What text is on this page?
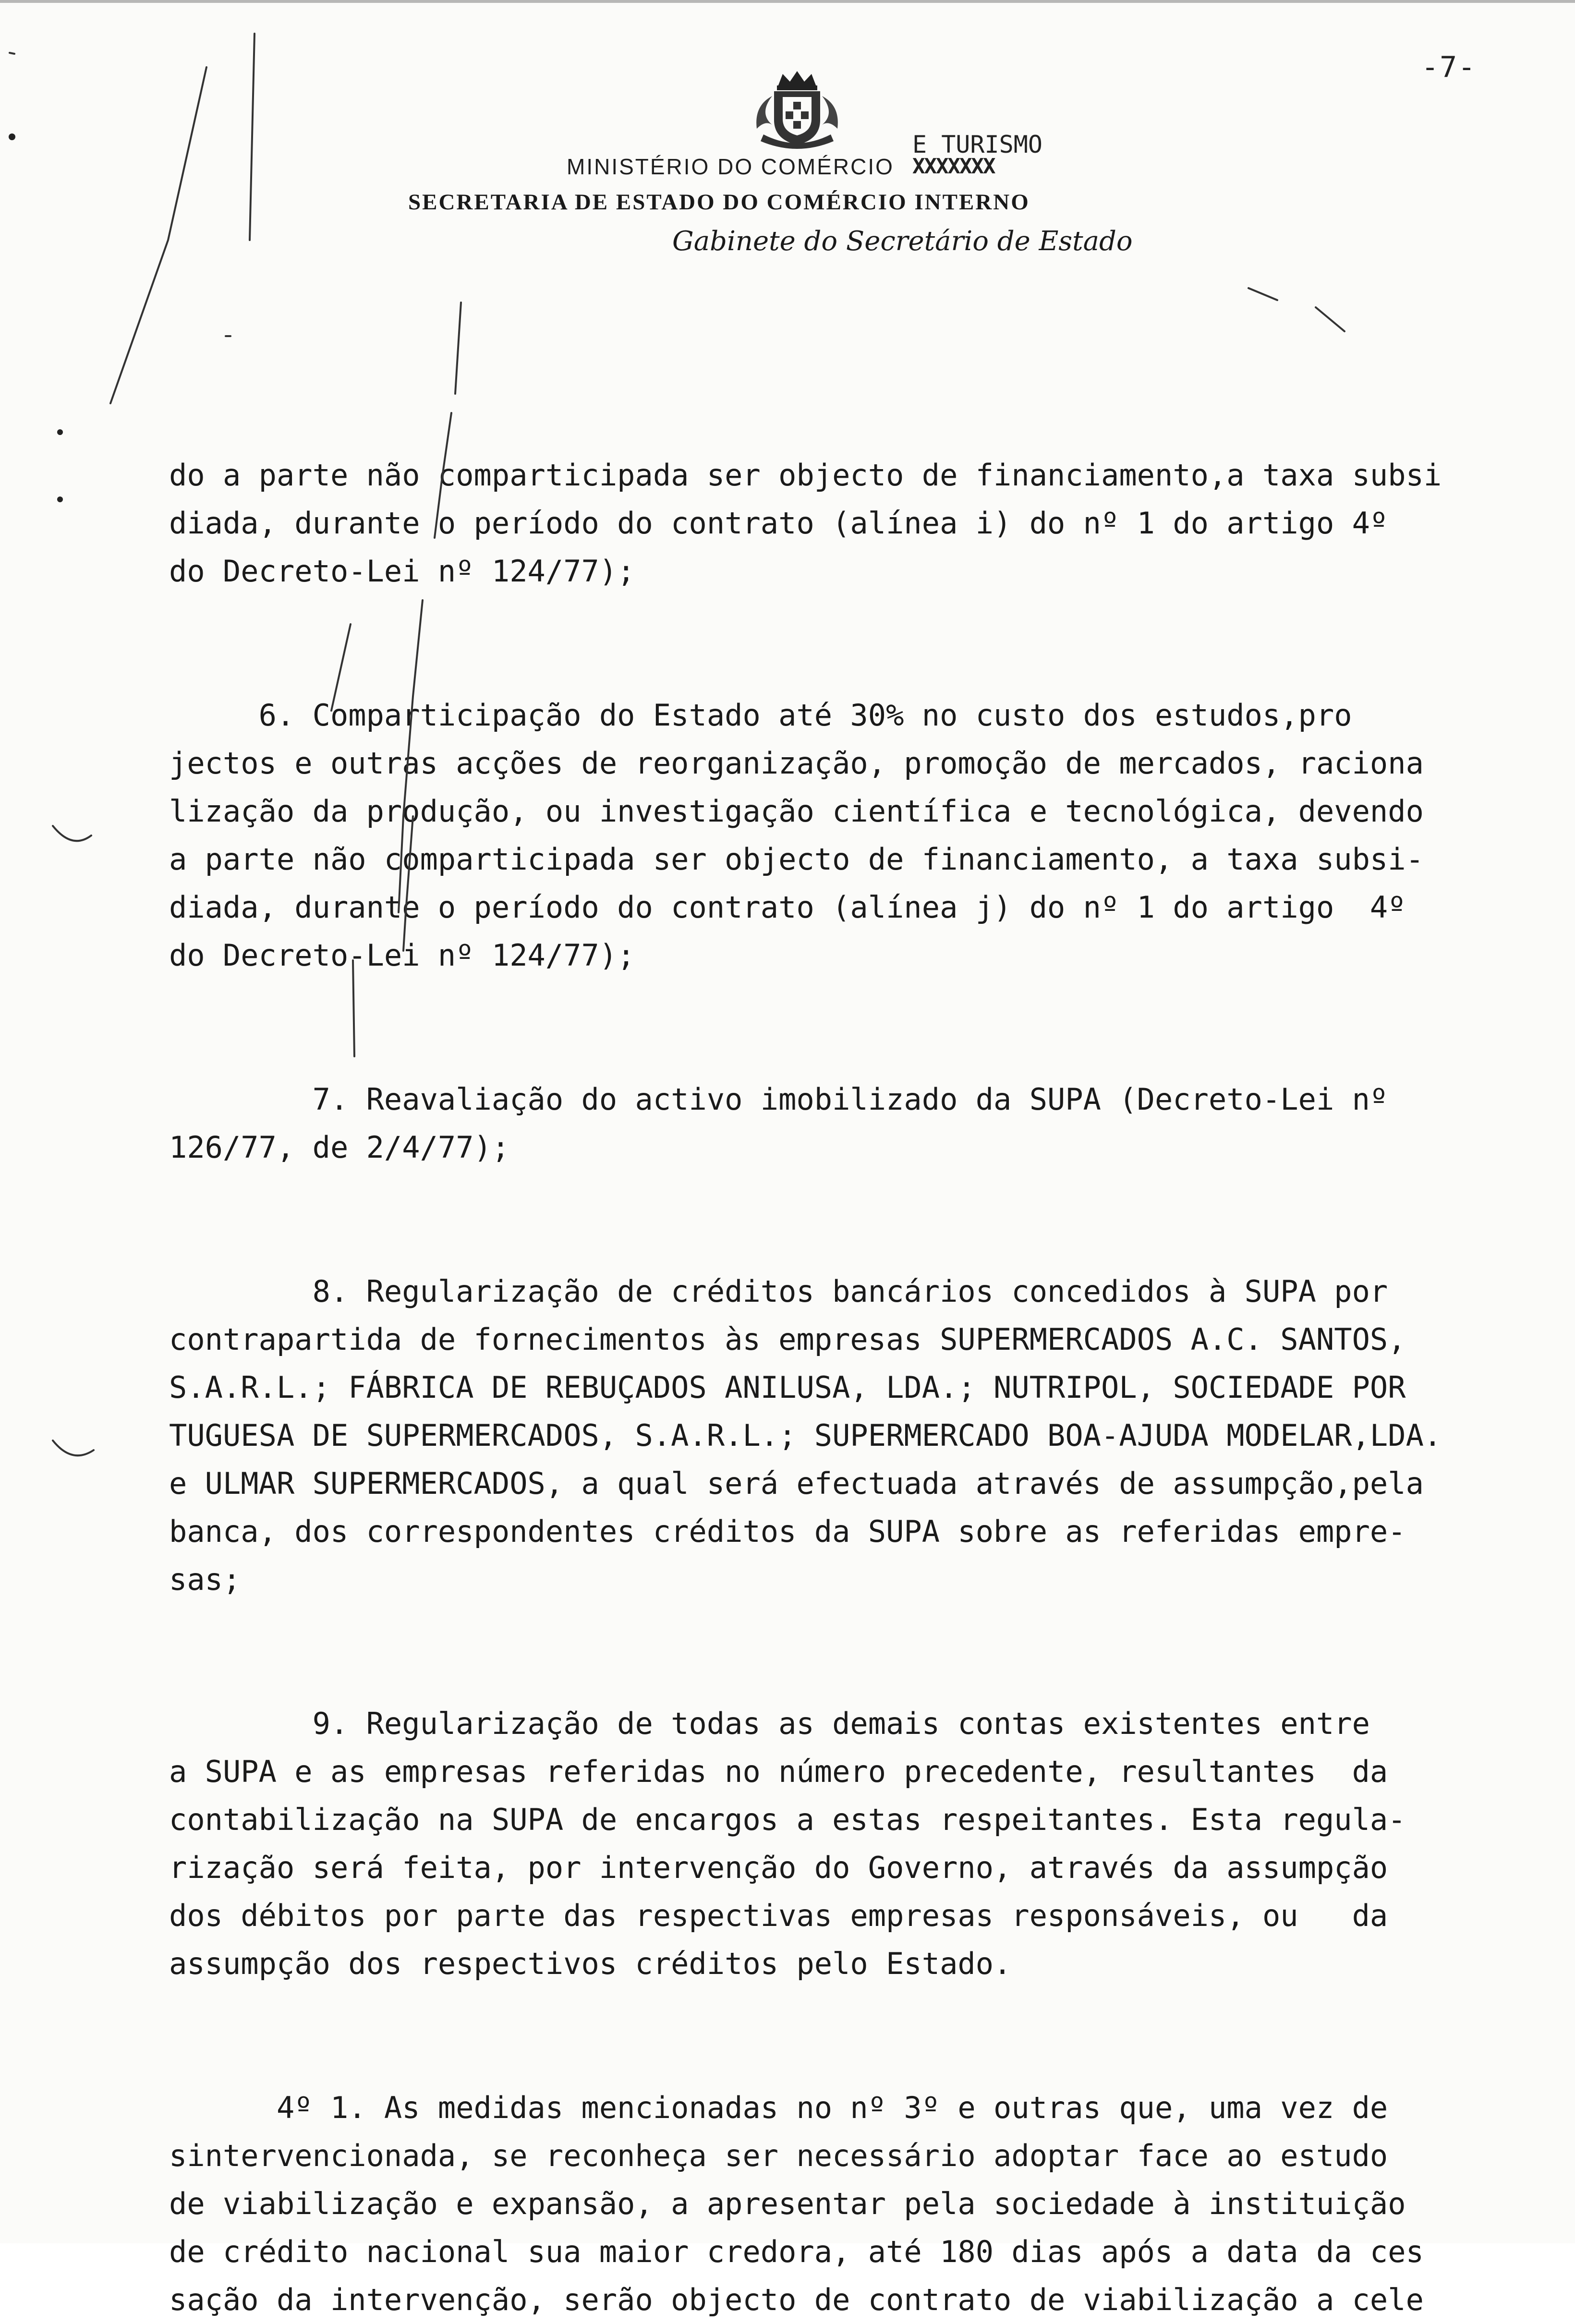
-7-
MINISTÉRIO DO COMÉRCIO
E TURISMO
XXXXXXX
SECRETARIA DE ESTADO DO COMÉRCIO INTERNO
Gabinete do Secretário de Estado
do a parte não comparticipada ser objecto de financiamento,a taxa subsi
diada, durante o período do contrato (alínea i) do nº 1 do artigo 4º
do Decreto-Lei nº 124/77);
6. Comparticipação do Estado até 30% no custo dos estudos,pro
jectos e outras acções de reorganização, promoção de mercados, raciona
lização da produção, ou investigação científica e tecnológica, devendo
a parte não comparticipada ser objecto de financiamento, a taxa subsi-
diada, durante o período do contrato (alínea j) do nº 1 do artigo  4º
do Decreto-Lei nº 124/77);
7. Reavaliação do activo imobilizado da SUPA (Decreto-Lei nº
126/77, de 2/4/77);
8. Regularização de créditos bancários concedidos à SUPA por
contrapartida de fornecimentos às empresas SUPERMERCADOS A.C. SANTOS,
S.A.R.L.; FÁBRICA DE REBUÇADOS ANILUSA, LDA.; NUTRIPOL, SOCIEDADE POR
TUGUESA DE SUPERMERCADOS, S.A.R.L.; SUPERMERCADO BOA-AJUDA MODELAR,LDA.
e ULMAR SUPERMERCADOS, a qual será efectuada através de assumpção,pela
banca, dos correspondentes créditos da SUPA sobre as referidas empre-
sas;
9. Regularização de todas as demais contas existentes entre
a SUPA e as empresas referidas no número precedente, resultantes  da
contabilização na SUPA de encargos a estas respeitantes. Esta regula-
rização será feita, por intervenção do Governo, através da assumpção
dos débitos por parte das respectivas empresas responsáveis, ou   da
assumpção dos respectivos créditos pelo Estado.
4º 1. As medidas mencionadas no nº 3º e outras que, uma vez de
sintervencionada, se reconheça ser necessário adoptar face ao estudo
de viabilização e expansão, a apresentar pela sociedade à instituição
de crédito nacional sua maior credora, até 180 dias após a data da ces
sação da intervenção, serão objecto de contrato de viabilização a cele
